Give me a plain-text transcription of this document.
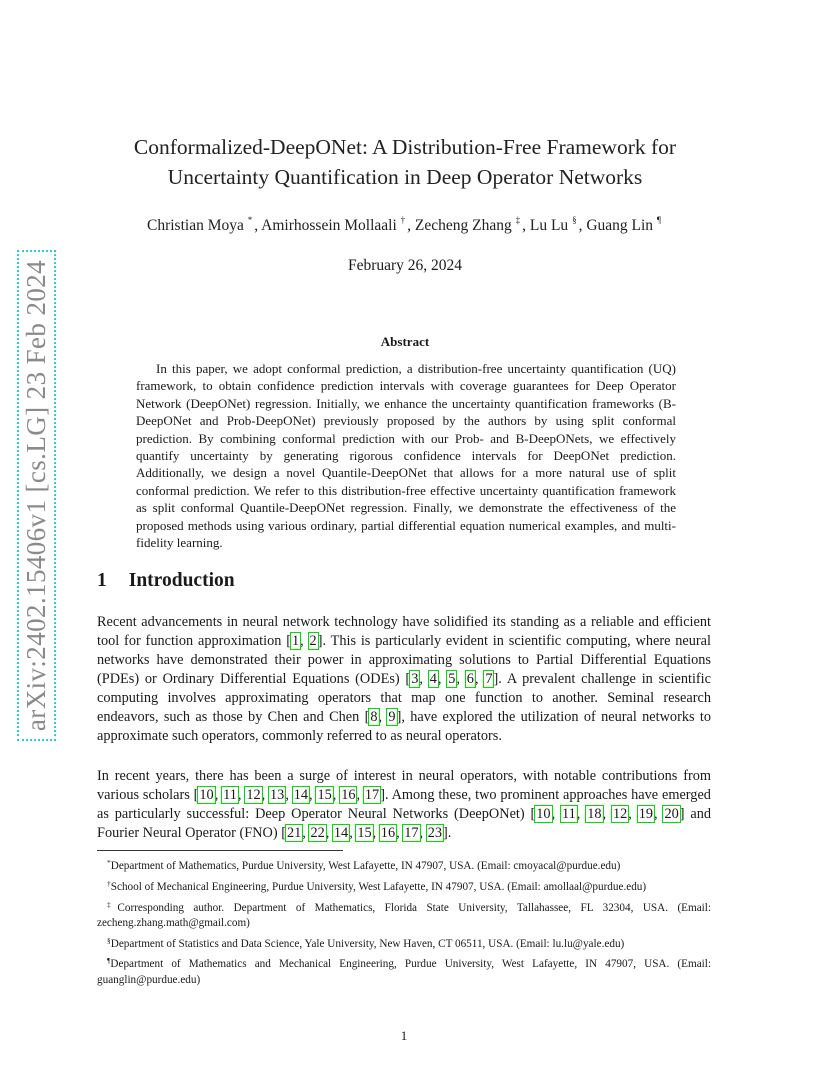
arXiv:2402.15406v1 [cs.LG] 23 Feb 2024
Conformalized-DeepONet: A Distribution-Free Framework for
Uncertainty Quantification in Deep Operator Networks
Christian Moya * , Amirhossein Mollaali † , Zecheng Zhang ‡ , Lu Lu § , Guang Lin ¶
February 26, 2024
Abstract
In this paper, we adopt conformal prediction, a distribution-free uncertainty quantification (UQ) framework, to obtain confidence prediction intervals with coverage guarantees for Deep Operator Network (DeepONet) regression. Initially, we enhance the uncertainty quantification frameworks (B-DeepONet and Prob-DeepONet) previously proposed by the authors by using split conformal prediction. By combining conformal prediction with our Prob- and B-DeepONets, we effectively quantify uncertainty by generating rigorous confidence intervals for DeepONet prediction. Additionally, we design a novel Quantile-DeepONet that allows for a more natural use of split conformal prediction. We refer to this distribution-free effective uncertainty quantification framework as split conformal Quantile-DeepONet regression. Finally, we demonstrate the effectiveness of the proposed methods using various ordinary, partial differential equation numerical examples, and multi-fidelity learning.
1 Introduction
Recent advancements in neural network technology have solidified its standing as a reliable and efficient tool for function approximation [1, 2]. This is particularly evident in scientific computing, where neural networks have demonstrated their power in approximating solutions to Partial Differential Equations (PDEs) or Ordinary Differential Equations (ODEs) [3, 4, 5, 6, 7]. A prevalent challenge in scientific computing involves approximating operators that map one function to another. Seminal research endeavors, such as those by Chen and Chen [8, 9], have explored the utilization of neural networks to approximate such operators, commonly referred to as neural operators.
In recent years, there has been a surge of interest in neural operators, with notable contributions from various scholars [10, 11, 12, 13, 14, 15, 16, 17]. Among these, two prominent approaches have emerged as particularly successful: Deep Operator Neural Networks (DeepONet) [10, 11, 18, 12, 19, 20] and Fourier Neural Operator (FNO) [21, 22, 14, 15, 16, 17, 23].
*Department of Mathematics, Purdue University, West Lafayette, IN 47907, USA. (Email: cmoyacal@purdue.edu)
†School of Mechanical Engineering, Purdue University, West Lafayette, IN 47907, USA. (Email: amollaal@purdue.edu)
‡Corresponding author. Department of Mathematics, Florida State University, Tallahassee, FL 32304, USA. (Email: zecheng.zhang.math@gmail.com)
§Department of Statistics and Data Science, Yale University, New Haven, CT 06511, USA. (Email: lu.lu@yale.edu)
¶Department of Mathematics and Mechanical Engineering, Purdue University, West Lafayette, IN 47907, USA. (Email: guanglin@purdue.edu)
1
